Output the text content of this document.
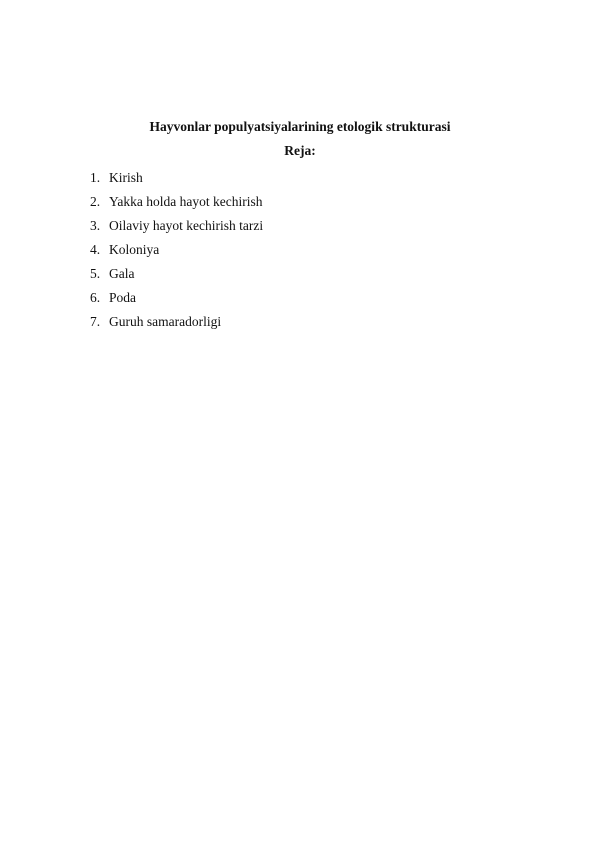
Hayvonlar populyatsiyalarining etologik strukturasi
Reja:
1. Kirish
2. Yakka holda hayot kechirish
3. Oilaviy hayot kechirish tarzi
4. Koloniya
5. Gala
6. Poda
7. Guruh samaradorligi
